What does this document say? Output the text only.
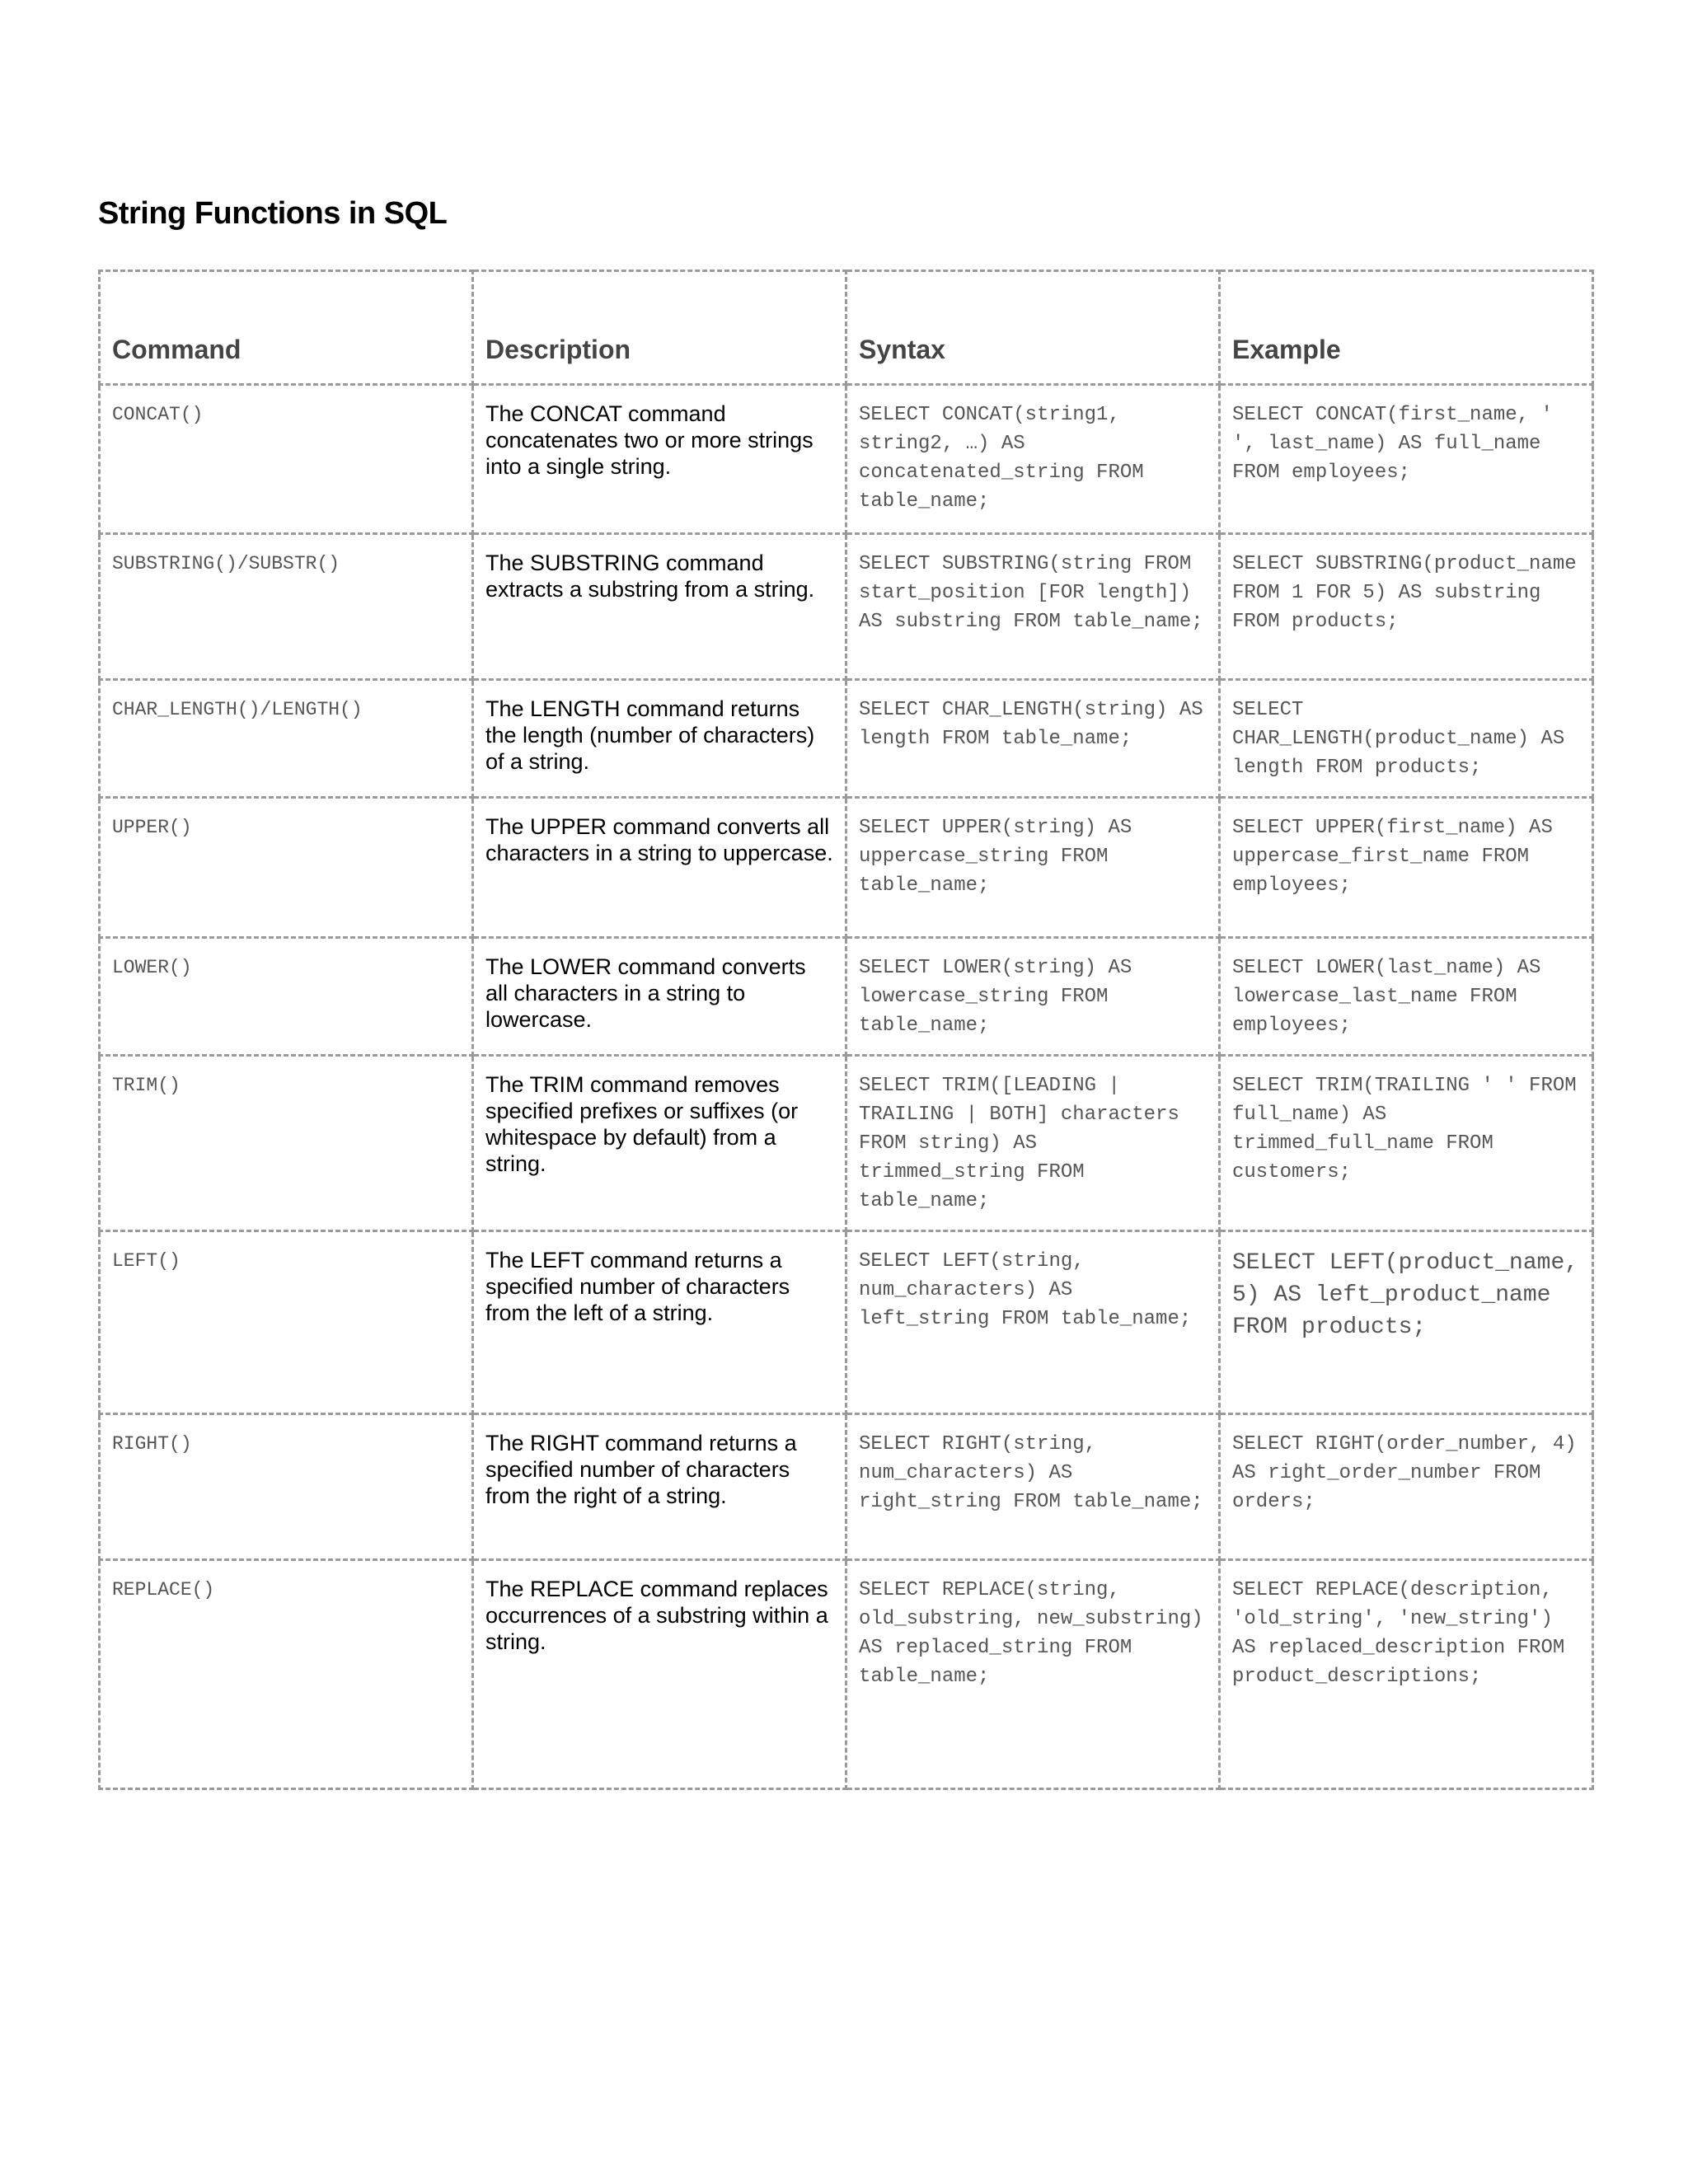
String Functions in SQL
Command	Description	Syntax	Example
CONCAT()	The CONCAT command concatenates two or more strings into a single string.	SELECT CONCAT(string1, string2, …) AS concatenated_string FROM table_name;	SELECT CONCAT(first_name, ' ', last_name) AS full_name FROM employees;
SUBSTRING()/SUBSTR()	The SUBSTRING command extracts a substring from a string.	SELECT SUBSTRING(string FROM start_position [FOR length]) AS substring FROM table_name;	SELECT SUBSTRING(product_name FROM 1 FOR 5) AS substring FROM products;
CHAR_LENGTH()/LENGTH()	The LENGTH command returns the length (number of characters) of a string.	SELECT CHAR_LENGTH(string) AS length FROM table_name;	SELECT CHAR_LENGTH(product_name) AS length FROM products;
UPPER()	The UPPER command converts all characters in a string to uppercase.	SELECT UPPER(string) AS uppercase_string FROM table_name;	SELECT UPPER(first_name) AS uppercase_first_name FROM employees;
LOWER()	The LOWER command converts all characters in a string to lowercase.	SELECT LOWER(string) AS lowercase_string FROM table_name;	SELECT LOWER(last_name) AS lowercase_last_name FROM employees;
TRIM()	The TRIM command removes specified prefixes or suffixes (or whitespace by default) from a string.	SELECT TRIM([LEADING | TRAILING | BOTH] characters FROM string) AS trimmed_string FROM table_name;	SELECT TRIM(TRAILING ' ' FROM full_name) AS trimmed_full_name FROM customers;
LEFT()	The LEFT command returns a specified number of characters from the left of a string.	SELECT LEFT(string, num_characters) AS left_string FROM table_name;	SELECT LEFT(product_name, 5) AS left_product_name FROM products;
RIGHT()	The RIGHT command returns a specified number of characters from the right of a string.	SELECT RIGHT(string, num_characters) AS right_string FROM table_name;	SELECT RIGHT(order_number, 4) AS right_order_number FROM orders;
REPLACE()	The REPLACE command replaces occurrences of a substring within a string.	SELECT REPLACE(string, old_substring, new_substring) AS replaced_string FROM table_name;	SELECT REPLACE(description, 'old_string', 'new_string') AS replaced_description FROM product_descriptions;
